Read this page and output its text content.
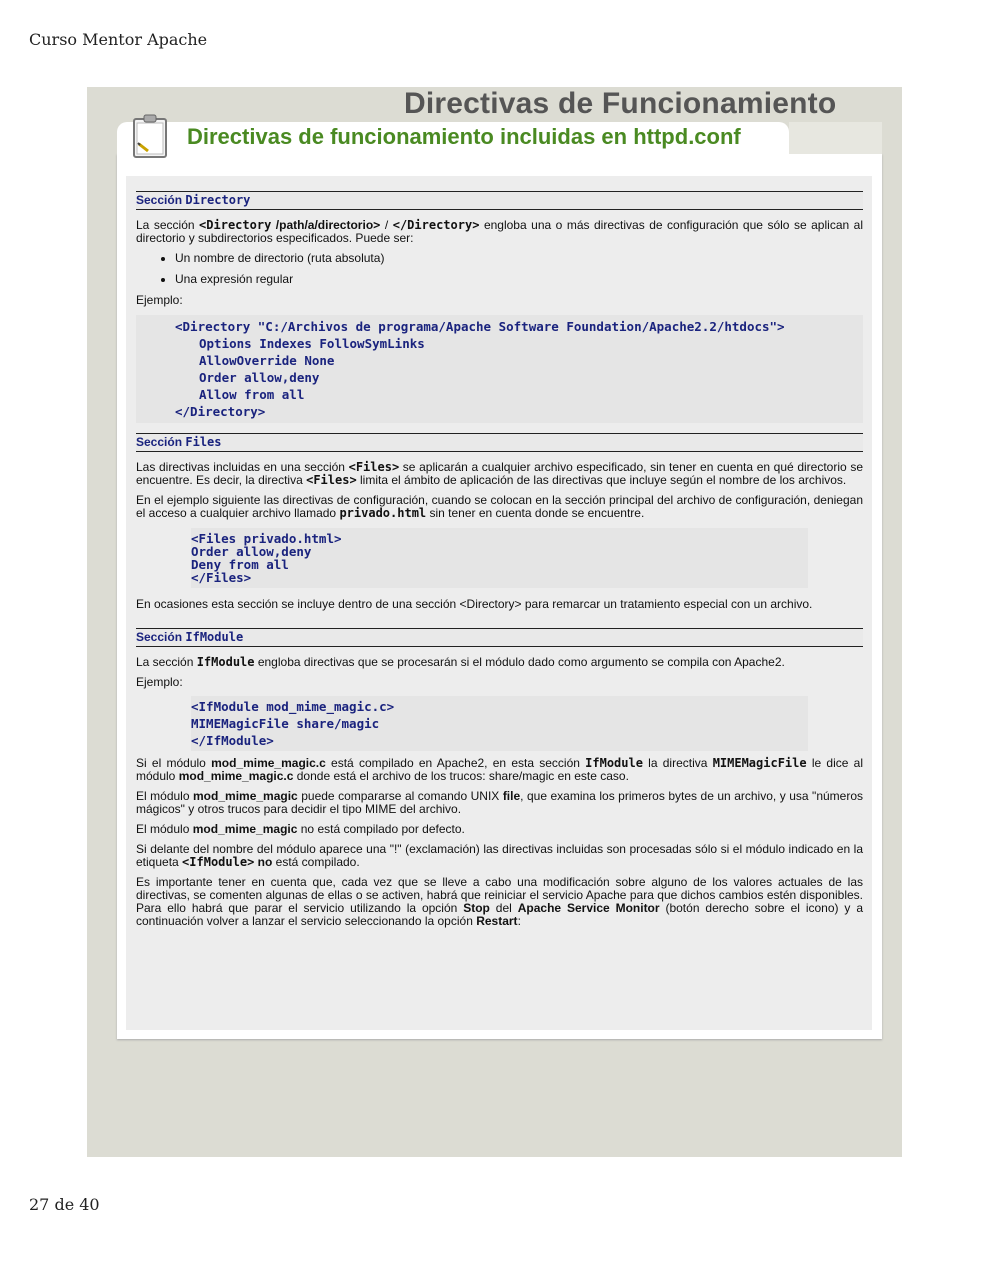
Curso Mentor Apache
Directivas de Funcionamiento
Directivas de funcionamiento incluidas en httpd.conf
Sección Directory

La sección <Directory /path/a/directorio> / </Directory> engloba una o más directivas de configuración que sólo se aplican al directorio y subdirectorios especificados. Puede ser:

• Un nombre de directorio (ruta absoluta)
• Una expresión regular

Ejemplo:

<Directory "C:/Archivos de programa/Apache Software Foundation/Apache2.2/htdocs">
Options Indexes FollowSymLinks
AllowOverride None
Order allow,deny
Allow from all
</Directory>
Sección Files

Las directivas incluidas en una sección <Files> se aplicarán a cualquier archivo especificado, sin tener en cuenta en qué directorio se encuentre. Es decir, la directiva <Files> limita el ámbito de aplicación de las directivas que incluye según el nombre de los archivos.

En el ejemplo siguiente las directivas de configuración, cuando se colocan en la sección principal del archivo de configuración, deniegan el acceso a cualquier archivo llamado privado.html sin tener en cuenta donde se encuentre.

<Files privado.html>
Order allow,deny
Deny from all
</Files>

En ocasiones esta sección se incluye dentro de una sección <Directory> para remarcar un tratamiento especial con un archivo.

Sección IfModule

La sección IfModule engloba directivas que se procesarán si el módulo dado como argumento se compila con Apache2.

Ejemplo:

<IfModule mod_mime_magic.c>
MIMEMagicFile share/magic
</IfModule>

Si el módulo mod_mime_magic.c está compilado en Apache2, en esta sección IfModule la directiva MIMEMagicFile le dice al módulo mod_mime_magic.c donde está el archivo de los trucos: share/magic en este caso.

El módulo mod_mime_magic puede compararse al comando UNIX file, que examina los primeros bytes de un archivo, y usa "números mágicos" y otros trucos para decidir el tipo MIME del archivo.

El módulo mod_mime_magic no está compilado por defecto.

Si delante del nombre del módulo aparece una "!" (exclamación) las directivas incluidas son procesadas sólo si el módulo indicado en la etiqueta <IfModule> no está compilado.

Es importante tener en cuenta que, cada vez que se lleve a cabo una modificación sobre alguno de los valores actuales de las directivas, se comenten algunas de ellas o se activen, habrá que reiniciar el servicio Apache para que dichos cambios estén disponibles. Para ello habrá que parar el servicio utilizando la opción Stop del Apache Service Monitor (botón derecho sobre el icono) y a continuación volver a lanzar el servicio seleccionando la opción Restart:

27 de 40
